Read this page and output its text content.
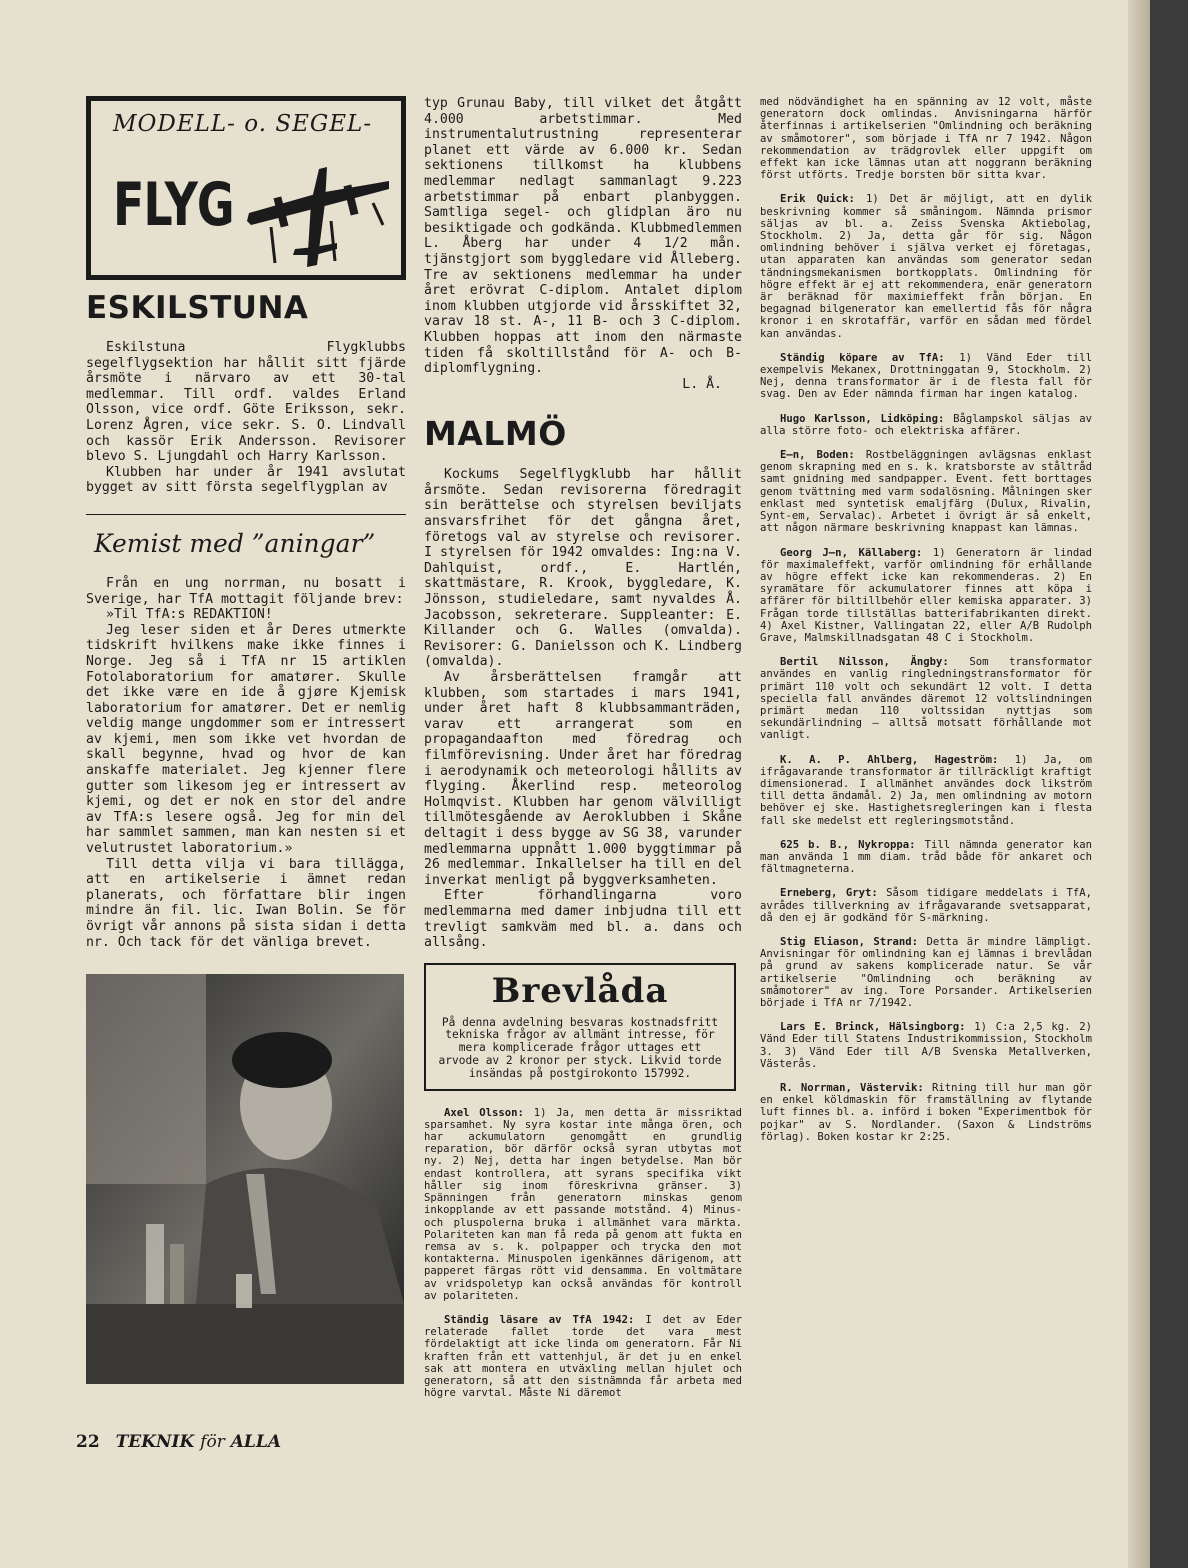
MODELL- o. SEGEL-
FLYG
ESKILSTUNA

Eskilstuna Flygklubbs segelflygsektion har hållit sitt fjärde årsmöte i närvaro av ett 30-tal medlemmar. Till ordf. valdes Erland Olsson, vice ordf. Göte Eriksson, sekr. Lorenz Ågren, vice sekr. S. O. Lindvall och kassör Erik Andersson. Revisorer blevo S. Ljungdahl och Harry Karlsson.

Klubben har under år 1941 avslutat bygget av sitt första segelflygplan av

Kemist med ”aningar”

Från en ung norrman, nu bosatt i Sverige, har TfA mottagit följande brev:

»Til TfA:s REDAKTION!

Jeg leser siden et år Deres utmerkte tidskrift hvilkens make ikke finnes i Norge. Jeg så i TfA nr 15 artiklen Fotolaboratorium for amatører. Skulle det ikke være en ide å gjøre Kjemisk laboratorium for amatører. Det er nemlig veldig mange ungdommer som er intressert av kjemi, men som ikke vet hvordan de skall begynne, hvad og hvor de kan anskaffe materialet. Jeg kjenner flere gutter som likesom jeg er intressert av kjemi, og det er nok en stor del andre av TfA:s lesere også. Jeg for min del har sammlet sammen, man kan nesten si et velutrustet laboratorium.»

Till detta vilja vi bara tillägga, att en artikelserie i ämnet redan planerats, och författare blir ingen mindre än fil. lic. Iwan Bolin. Se för övrigt vår annons på sista sidan i detta nr. Och tack för det vänliga brevet.

typ Grunau Baby, till vilket det åtgått 4.000 arbetstimmar. Med instrumentalutrustning representerar planet ett värde av 6.000 kr. Sedan sektionens tillkomst ha klubbens medlemmar nedlagt sammanlagt 9.223 arbetstimmar på enbart planbyggen. Samtliga segel- och glidplan äro nu besiktigade och godkända. Klubbmedlemmen L. Åberg har under 4 1/2 mån. tjänstgjort som byggledare vid Ålleberg. Tre av sektionens medlemmar ha under året erövrat C-diplom. Antalet diplom inom klubben utgjorde vid årsskiftet 32, varav 18 st. A-, 11 B- och 3 C-diplom. Klubben hoppas att inom den närmaste tiden få skoltillstånd för A- och B-diplomflygning.

L. Å.

MALMÖ

Kockums Segelflygklubb har hållit årsmöte. Sedan revisorerna föredragit sin berättelse och styrelsen beviljats ansvarsfrihet för det gångna året, företogs val av styrelse och revisorer. I styrelsen för 1942 omvaldes: Ing:na V. Dahlquist, ordf., E. Hartlén, skattmästare, R. Krook, byggledare, K. Jönsson, studieledare, samt nyvaldes Å. Jacobsson, sekreterare. Suppleanter: E. Killander och G. Walles (omvalda). Revisorer: G. Danielsson och K. Lindberg (omvalda).

Av årsberättelsen framgår att klubben, som startades i mars 1941, under året haft 8 klubbsammanträden, varav ett arrangerat som en propagandaafton med föredrag och filmförevisning. Under året har föredrag i aerodynamik och meteorologi hållits av flyging. Åkerlind resp. meteorolog Holmqvist. Klubben har genom välvilligt tillmötesgående av Aeroklubben i Skåne deltagit i dess bygge av SG 38, varunder medlemmarna uppnått 1.000 byggtimmar på 26 medlemmar. Inkallelser ha till en del inverkat menligt på byggverksamheten.

Efter förhandlingarna voro medlemmarna med damer inbjudna till ett trevligt samkväm med bl. a. dans och allsång.

Brevlåda

På denna avdelning besvaras kostnadsfritt tekniska frågor av allmänt intresse, för mera komplicerade frågor uttages ett arvode av 2 kronor per styck. Likvid torde insändas på postgirokonto 157992.

Axel Olsson: 1) Ja, men detta är missriktad sparsamhet. Ny syra kostar inte många ören, och har ackumulatorn genomgått en grundlig reparation, bör därför också syran utbytas mot ny. 2) Nej, detta har ingen betydelse. Man bör endast kontrollera, att syrans specifika vikt håller sig inom föreskrivna gränser. 3) Spänningen från generatorn minskas genom inkopplande av ett passande motstånd. 4) Minus- och pluspolerna bruka i allmänhet vara märkta. Polariteten kan man få reda på genom att fukta en remsa av s. k. polpapper och trycka den mot kontakterna. Minuspolen igenkännes därigenom, att papperet färgas rött vid densamma. En voltmätare av vridspoletyp kan också användas för kontroll av polariteten.

Ständig läsare av TfA 1942: I det av Eder relaterade fallet torde det vara mest fördelaktigt att icke linda om generatorn. Får Ni kraften från ett vattenhjul, är det ju en enkel sak att montera en utväxling mellan hjulet och generatorn, så att den sistnämnda får arbeta med högre varvtal. Måste Ni däremot

med nödvändighet ha en spänning av 12 volt, måste generatorn dock omlindas. Anvisningarna härför återfinnas i artikelserien "Omlindning och beräkning av småmotorer", som började i TfA nr 7 1942. Någon rekommendation av trädgrovlek eller uppgift om effekt kan icke lämnas utan att noggrann beräkning först utförts. Tredje borsten bör sitta kvar.

Erik Quick: 1) Det är möjligt, att en dylik beskrivning kommer så småningom. Nämnda prismor säljas av bl. a. Zeiss Svenska Aktiebolag, Stockholm. 2) Ja, detta går för sig. Någon omlindning behöver i själva verket ej företagas, utan apparaten kan användas som generator sedan tändningsmekanismen bortkopplats. Omlindning för högre effekt är ej att rekommendera, enär generatorn är beräknad för maximieffekt från början. En begagnad bilgenerator kan emellertid fås för några kronor i en skrotaffär, varför en sådan med fördel kan användas.

Ständig köpare av TfA: 1) Vänd Eder till exempelvis Mekanex, Drottninggatan 9, Stockholm. 2) Nej, denna transformator är i de flesta fall för svag. Den av Eder nämnda firman har ingen katalog.

Hugo Karlsson, Lidköping: Båglampskol säljas av alla större foto- och elektriska affärer.

E—n, Boden: Rostbeläggningen avlägsnas enklast genom skrapning med en s. k. kratsborste av ståltråd samt gnidning med sandpapper. Event. fett borttages genom tvättning med varm sodalösning. Målningen sker enklast med syntetisk emaljfärg (Dulux, Rivalin, Synt-em, Servalac). Arbetet i övrigt är så enkelt, att någon närmare beskrivning knappast kan lämnas.

Georg J—n, Källaberg: 1) Generatorn är lindad för maximaleffekt, varför omlindning för erhållande av högre effekt icke kan rekommenderas. 2) En syramätare för ackumulatorer finnes att köpa i affärer för biltillbehör eller kemiska apparater. 3) Frågan torde tillställas batterifabrikanten direkt. 4) Axel Kistner, Vallingatan 22, eller A/B Rudolph Grave, Malmskillnadsgatan 48 C i Stockholm.

Bertil Nilsson, Ängby: Som transformator användes en vanlig ringledningstransformator för primärt 110 volt och sekundärt 12 volt. I detta speciella fall användes däremot 12 voltslindningen primärt medan 110 voltssidan nyttjas som sekundärlindning — alltså motsatt förhållande mot vanligt.

K. A. P. Ahlberg, Hageström: 1) Ja, om ifrågavarande transformator är tillräckligt kraftigt dimensionerad. I allmänhet användes dock likström till detta ändamål. 2) Ja, men omlindning av motorn behöver ej ske. Hastighetsregleringen kan i flesta fall ske medelst ett regleringsmotstånd.

625 b. B., Nykroppa: Till nämnda generator kan man använda 1 mm diam. tråd både för ankaret och fältmagneterna.

Erneberg, Gryt: Såsom tidigare meddelats i TfA, avrådes tillverkning av ifrågavarande svetsapparat, då den ej är godkänd för S-märkning.

Stig Eliason, Strand: Detta är mindre lämpligt. Anvisningar för omlindning kan ej lämnas i brevlådan på grund av sakens komplicerade natur. Se vår artikelserie "Omlindning och beräkning av småmotorer" av ing. Tore Porsander. Artikelserien började i TfA nr 7/1942.

Lars E. Brinck, Hälsingborg: 1) C:a 2,5 kg. 2) Vänd Eder till Statens Industrikommission, Stockholm 3. 3) Vänd Eder till A/B Svenska Metallverken, Västerås.

R. Norrman, Västervik: Ritning till hur man gör en enkel köldmaskin för framställning av flytande luft finnes bl. a. införd i boken "Experimentbok för pojkar" av S. Nordlander. (Saxon & Lindströms förlag). Boken kostar kr 2:25.

22 TEKNIK för ALLA
